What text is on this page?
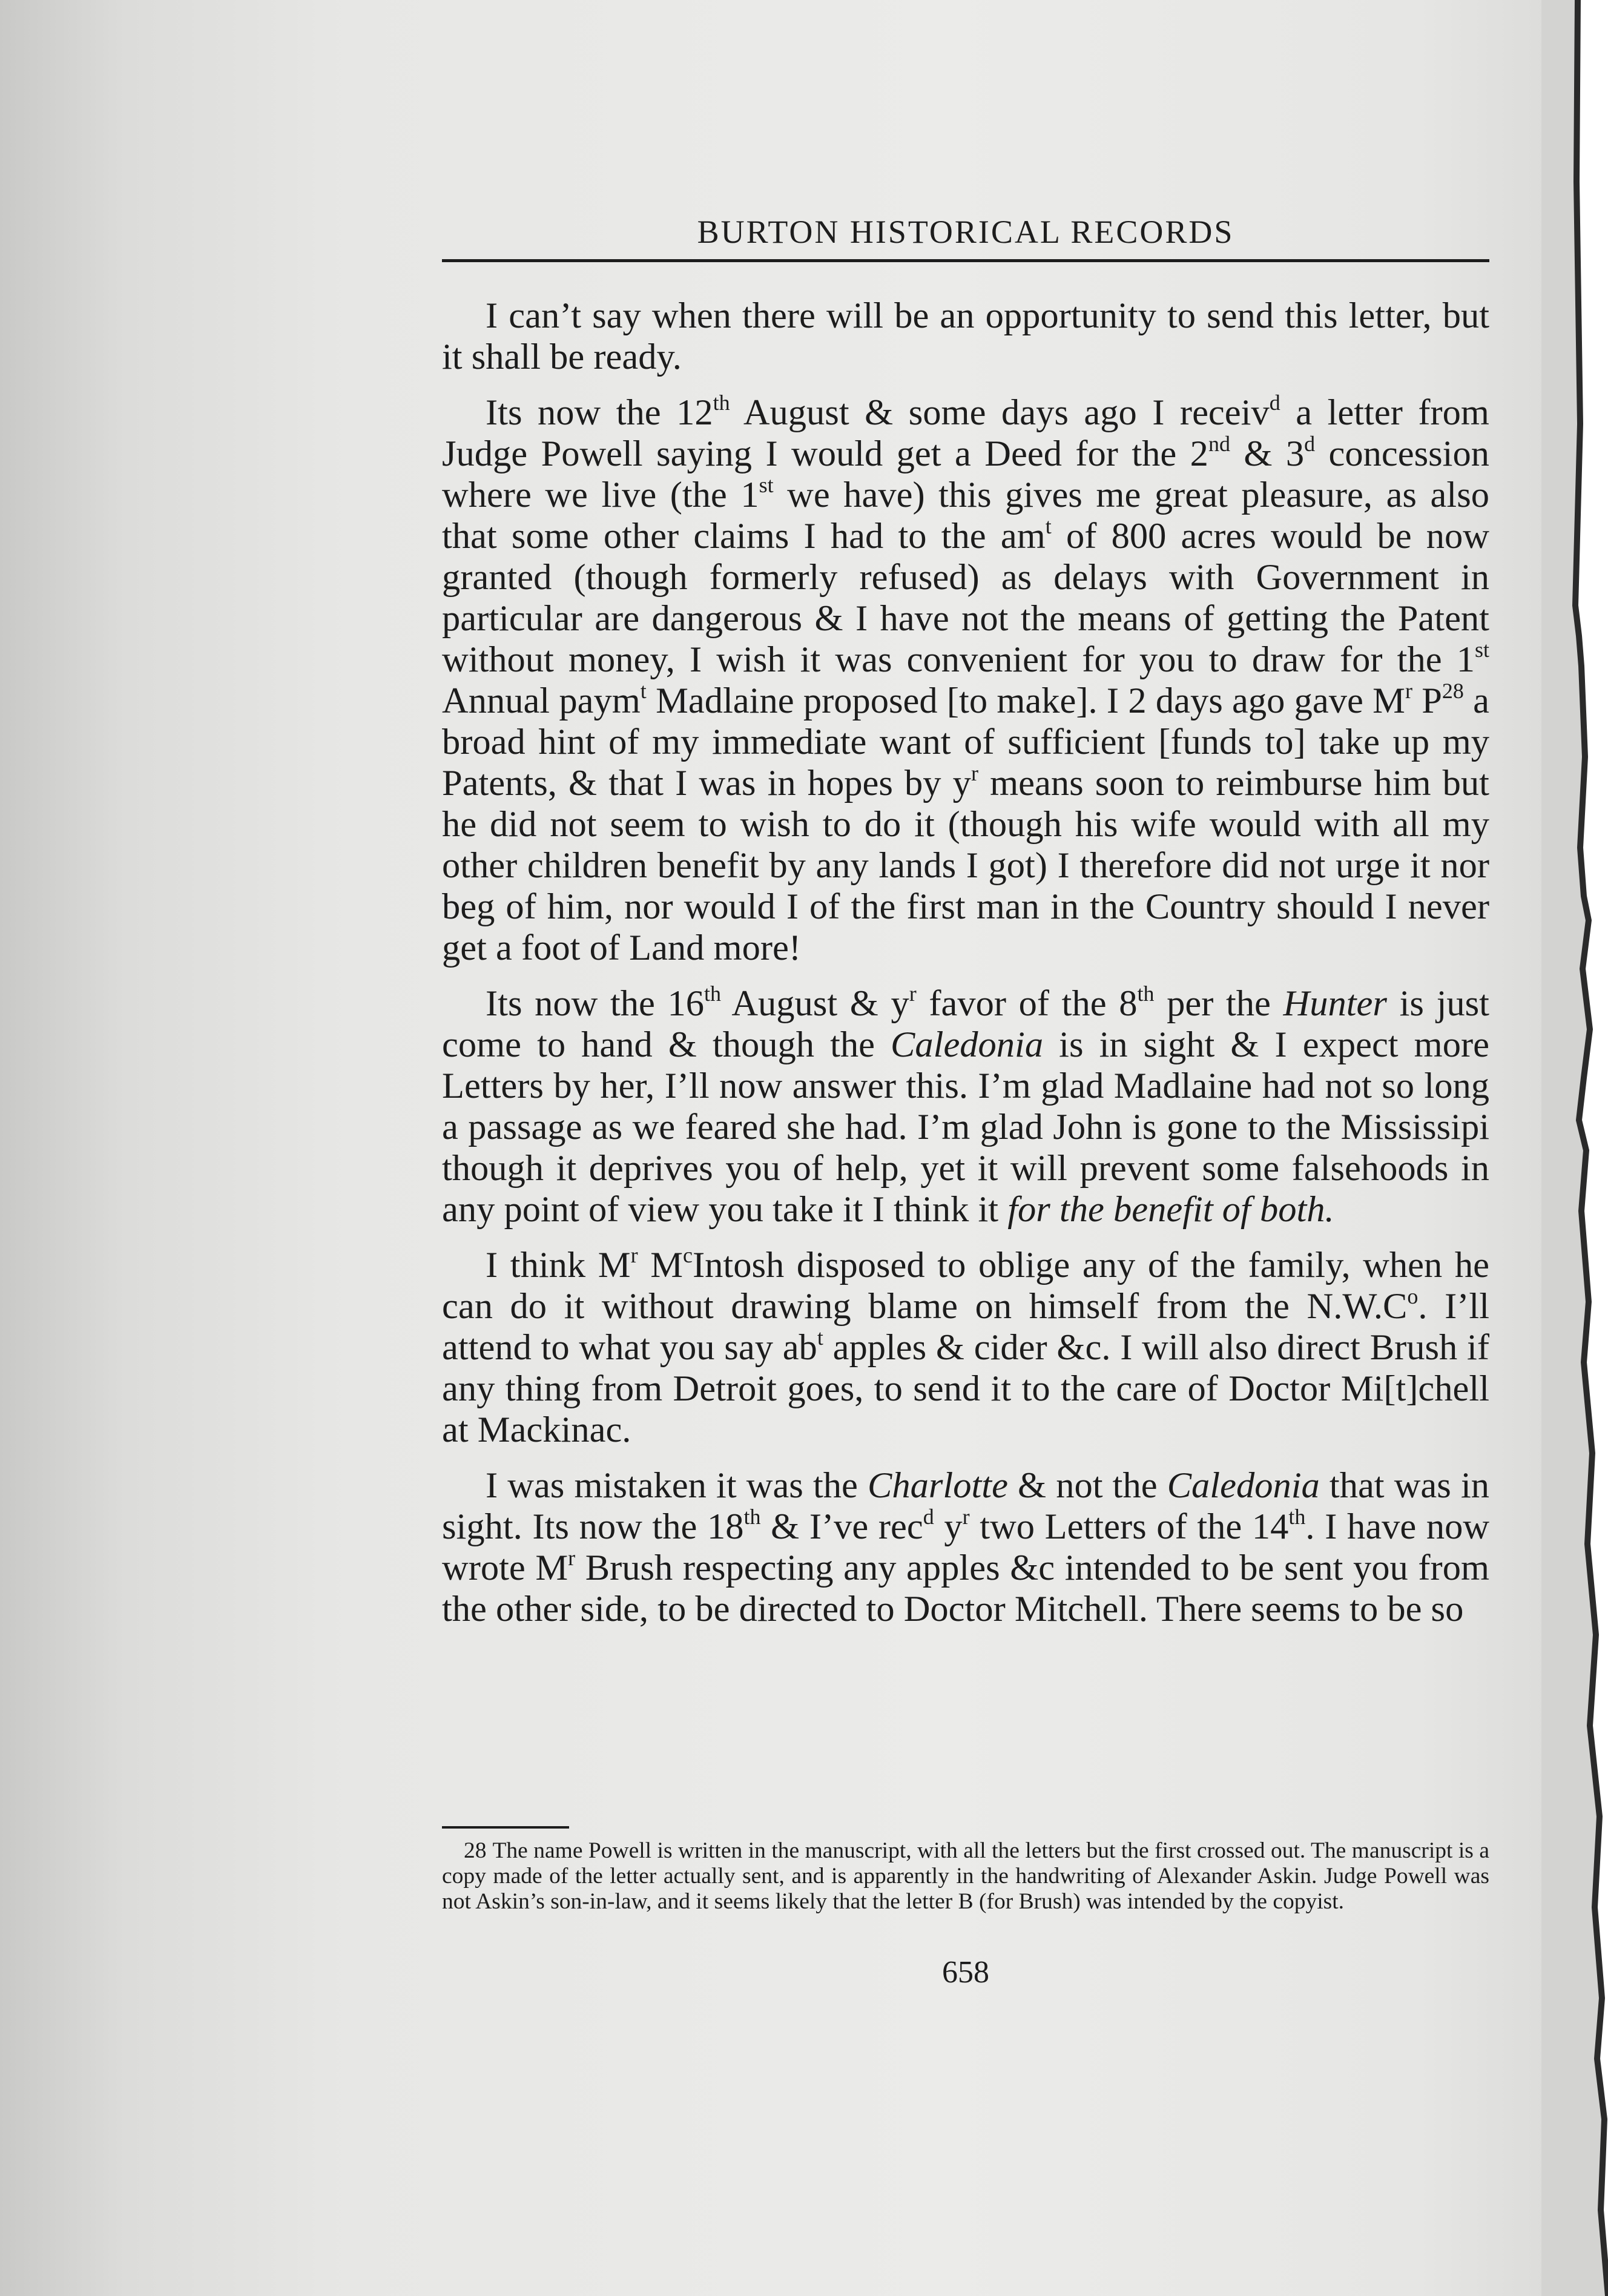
BURTON HISTORICAL RECORDS

I can’t say when there will be an opportunity to send this letter, but it shall be ready.

Its now the 12th August & some days ago I receiv$^d$ a letter from Judge Powell saying I would get a Deed for the 2nd & 3$^d$ concession where we live (the 1st we have) this gives me great pleasure, as also that some other claims I had to the $am^t$ of 800 acres would be now granted (though formerly refused) as delays with Government in particular are dangerous & I have not the means of getting the Patent without money, I wish it was convenient for you to draw for the 1st Annual paym$^t$ Madlaine proposed [to make]. I 2 days ago gave $M^r$ $P^{28}$ a broad hint of my immediate want of sufficient [funds to] take up my Patents, & that I was in hopes by $y^r$ means soon to reimburse him but he did not seem to wish to do it (though his wife would with all my other children benefit by any lands I got) I therefore did not urge it nor beg of him, nor would I of the first man in the Country should I never get a foot of Land more!

Its now the 16th August & $y^r$ favor of the 8th per the Hunter is just come to hand & though the Caledonia is in sight & I expect more Letters by her, I’ll now answer this. I’m glad Madlaine had not so long a passage as we feared she had. I’m glad John is gone to the Mississipi though it deprives you of help, yet it will prevent some falsehoods in any point of view you take it I think it for the benefit of both.

I think $M^r$ $M^cIntosh$ disposed to oblige any of the family, when he can do it without drawing blame on himself from the $N.W.C^o$. I’ll attend to what you say $ab^t$ apples & cider &c. I will also direct Brush if any thing from Detroit goes, to send it to the care of Doctor Mi[t]chell at Mackinac.

I was mistaken it was the Charlotte & not the Caledonia that was in sight. Its now the 18th & I’ve rec$^d$ $y^r$ two Letters of the 14th. I have now wrote $M^r$ Brush respecting any apples &c intended to be sent you from the other side, to be directed to Doctor Mitchell. There seems to be so

28 The name Powell is written in the manuscript, with all the letters but the first crossed out. The manuscript is a copy made of the letter actually sent, and is apparently in the handwriting of Alexander Askin. Judge Powell was not Askin’s son-in-law, and it seems likely that the letter B (for Brush) was intended by the copyist.
658
